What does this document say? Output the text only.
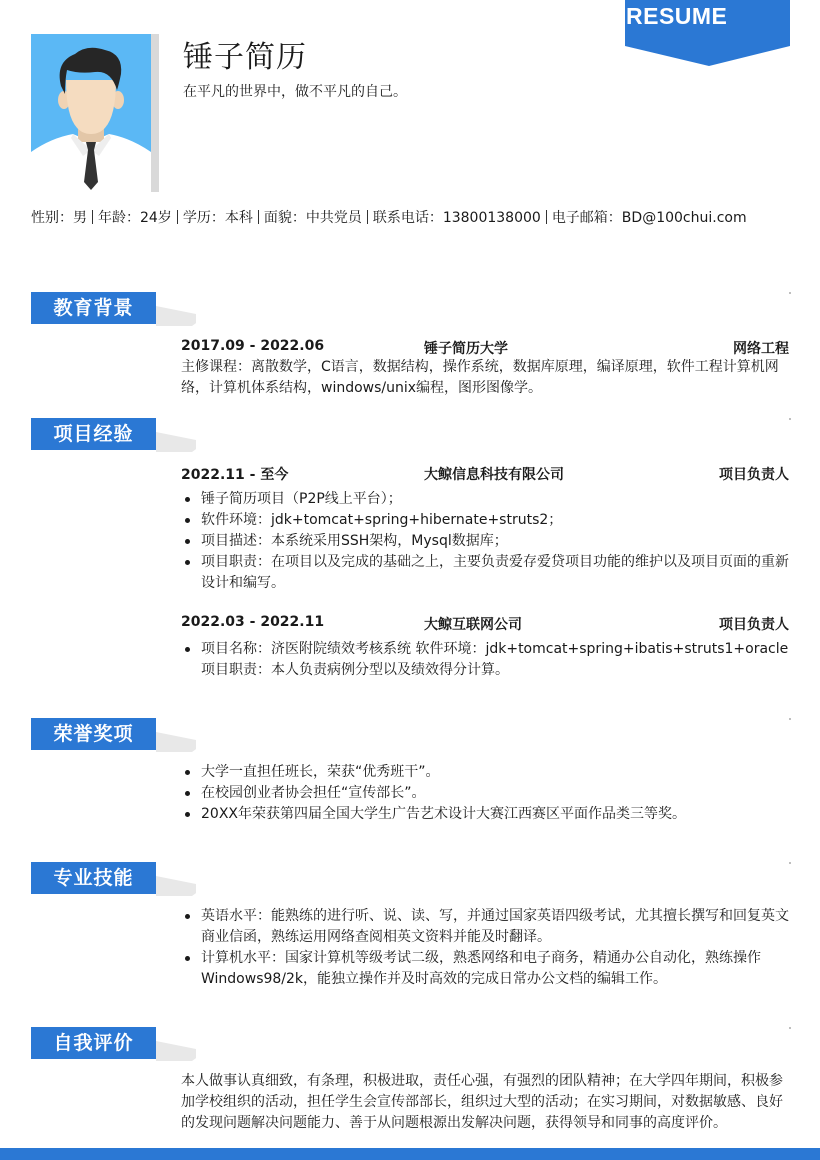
锤子简历
在平凡的世界中，做不平凡的自己。
RESUME
性别：男 年龄：24岁 学历：本科 面貌：中共党员 联系电话：13800138000 电子邮箱：BD@100chui.com
教育背景
2017.09 - 2022.06	锤子简历大学	网络工程
主修课程：离散数学，C语言，数据结构，操作系统，数据库原理，编译原理，软件工程计算机网络，计算机体系结构，windows/unix编程，图形图像学。
项目经验
2022.11 - 至今	大鲸信息科技有限公司	项目负责人
锤子简历项目（P2P线上平台）；
软件环境：jdk+tomcat+spring+hibernate+struts2；
项目描述：本系统采用SSH架构，Mysql数据库；
项目职责：在项目以及完成的基础之上，主要负责爱存爱贷项目功能的维护以及项目页面的重新设计和编写。
2022.03 - 2022.11	大鲸互联网公司	项目负责人
项目名称：济医附院绩效考核系统 软件环境：jdk+tomcat+spring+ibatis+struts1+oracle 项目职责：本人负责病例分型以及绩效得分计算。
荣誉奖项
大学一直担任班长，荣获“优秀班干”。
在校园创业者协会担任“宣传部长”。
20XX年荣获第四届全国大学生广告艺术设计大赛江西赛区平面作品类三等奖。
专业技能
英语水平：能熟练的进行听、说、读、写，并通过国家英语四级考试，尤其擅长撰写和回复英文商业信函，熟练运用网络查阅相英文资料并能及时翻译。
计算机水平：国家计算机等级考试二级，熟悉网络和电子商务，精通办公自动化，熟练操作Windows98/2k，能独立操作并及时高效的完成日常办公文档的编辑工作。
自我评价
本人做事认真细致，有条理，积极进取，责任心强，有强烈的团队精神；在大学四年期间，积极参加学校组织的活动，担任学生会宣传部部长，组织过大型的活动；在实习期间，对数据敏感、良好的发现问题解决问题能力、善于从问题根源出发解决问题，获得领导和同事的高度评价。
